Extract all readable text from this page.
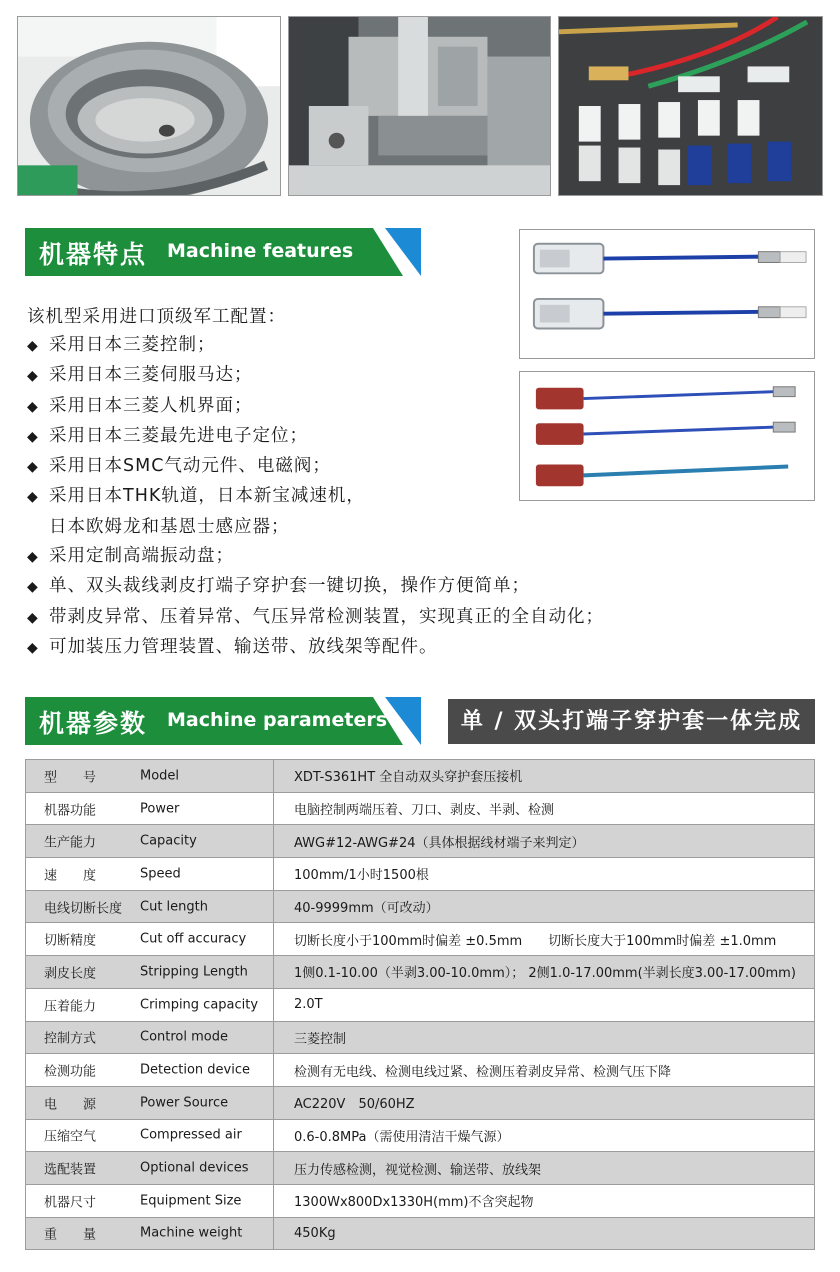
机器特点 Machine features
该机型采用进口顶级军工配置：
◆ 采用日本三菱控制；
◆ 采用日本三菱伺服马达；
◆ 采用日本三菱人机界面；
◆ 采用日本三菱最先进电子定位；
◆ 采用日本SMC气动元件、电磁阀；
◆ 采用日本THK轨道，日本新宝减速机，
日本欧姆龙和基恩士感应器；
◆ 采用定制高端振动盘；
◆ 单、双头裁线剥皮打端子穿护套一键切换，操作方便简单；
◆ 带剥皮异常、压着异常、气压异常检测装置，实现真正的全自动化；
◆ 可加装压力管理装置、输送带、放线架等配件。
机器参数 Machine parameters	单 / 双头打端子穿护套一体完成
型　　号 Model	XDT-S361HT 全自动双头穿护套压接机

机器功能 Power	电脑控制两端压着、刀口、剥皮、半剥、检测

生产能力 Capacity	AWG#12-AWG#24（具体根据线材端子来判定）

速　　度 Speed	100mm/1小时1500根

电线切断长度 Cut length	40-9999mm（可改动）

切断精度 Cut off accuracy	切断长度小于100mm时偏差 ±0.5mm　　切断长度大于100mm时偏差 ±1.0mm

剥皮长度 Stripping Length	1侧0.1-10.00（半剥3.00-10.0mm）； 2侧1.0-17.00mm(半剥长度3.00-17.00mm)

压着能力 Crimping capacity	2.0T

控制方式 Control mode	三菱控制

检测功能 Detection device	检测有无电线、检测电线过紧、检测压着剥皮异常、检测气压下降

电　　源 Power Source	AC220V　50/60HZ

压缩空气 Compressed air	0.6-0.8MPa（需使用清洁干燥气源）

选配装置 Optional devices	压力传感检测，视觉检测、输送带、放线架

机器尺寸 Equipment Size	1300Wx800Dx1330H(mm)不含突起物

重　　量 Machine weight	450Kg
